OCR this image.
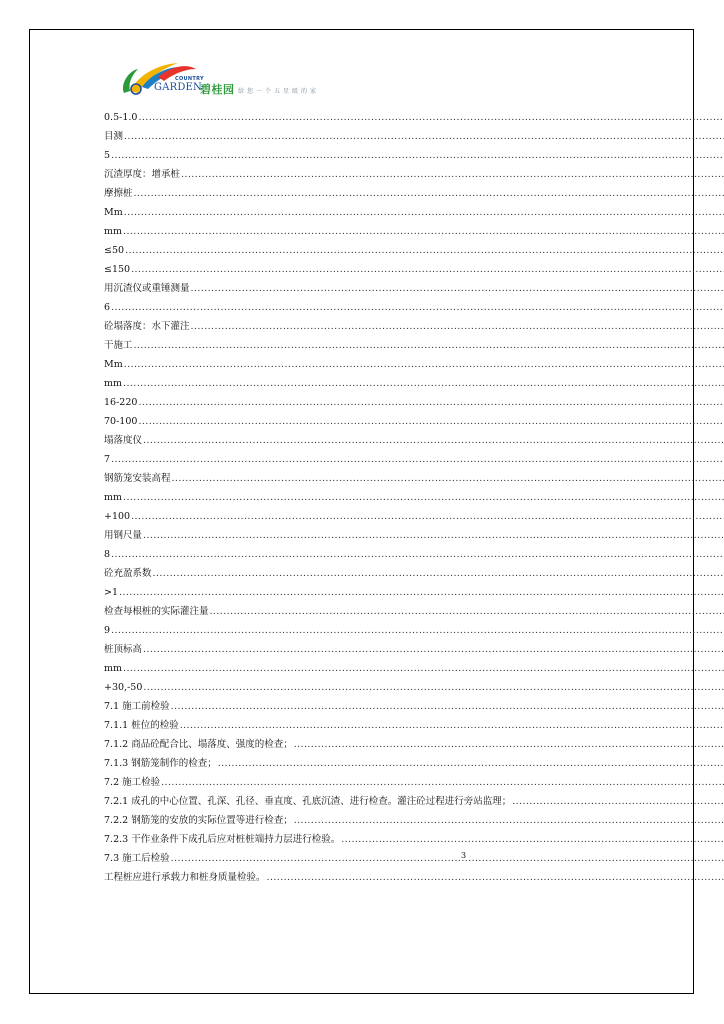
COUNTRY
GARDEN
碧桂园 给您一个五星级的家
0.5-1.0 .....
目测 .....
5 .....
沉渣厚度：增承桩 .....
摩擦桩 .....
Mm .....
mm .....
≤50 .....
≤150 .....
用沉渣仪或重锤测量 .....
6 .....
砼塌落度：水下灌注 .....
干施工 .....
Mm .....
mm .....
16-220 .....
70-100 .....
塌落度仪 .....
7 .....
钢筋笼安装高程 .....
mm .....
+100 .....
用钢尺量 .....
8 .....
砼充盈系数 .....
>1 .....
检查每根桩的实际灌注量 .....
9 .....
桩顶标高 .....
mm .....
+30,-50 .....
7.1 施工前检验 .....
7.1.1 桩位的检验 .....
7.1.2 商品砼配合比、塌落度、强度的检查； .....
7.1.3 钢筋笼制作的检查； .....
7.2 施工检验 .....
7.2.1 成孔的中心位置、孔深、孔径、垂直度、孔底沉渣、进行检查。灌注砼过程进行旁站监理； .....
7.2.2 钢筋笼的安放的实际位置等进行检查； .....
7.2.3 干作业条件下成孔后应对桩桩端持力层进行检验。 .....
7.3 施工后检验 .....
工程桩应进行承载力和桩身质量检验。 .....
3
